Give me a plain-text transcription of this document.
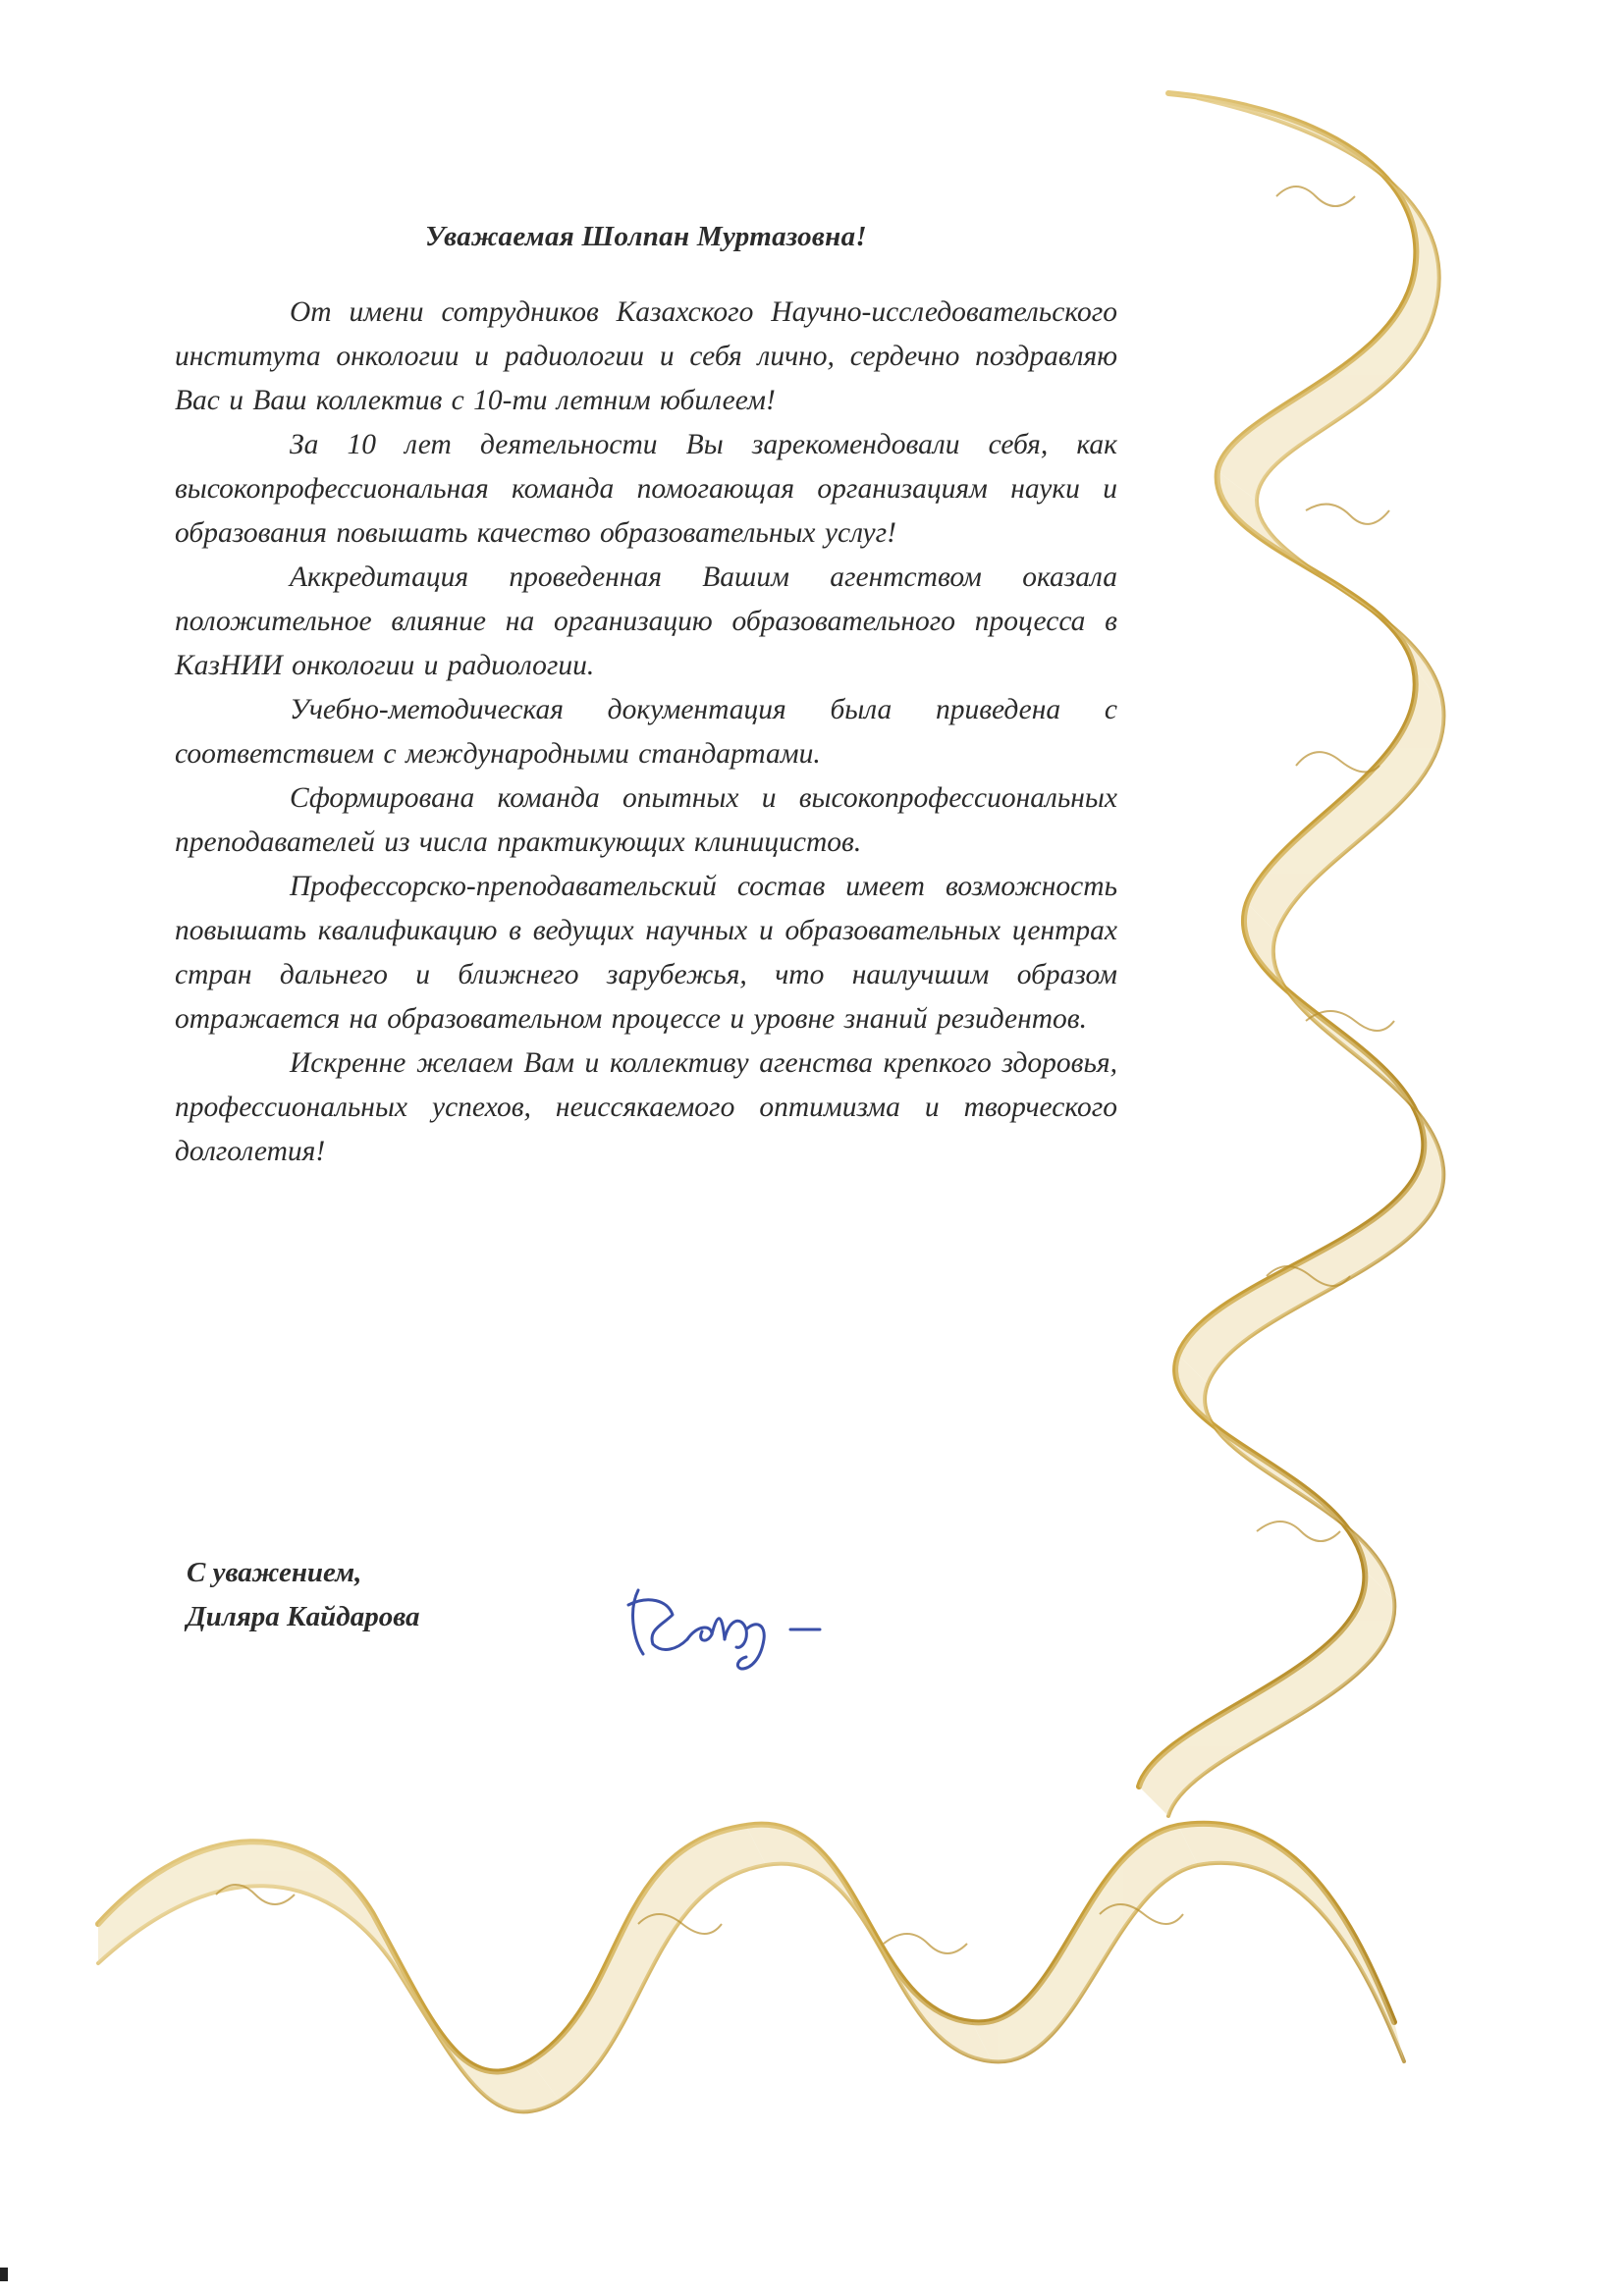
Уважаемая Шолпан Муртазовна!

От имени сотрудников Казахского Научно-исследовательского института онкологии и радиологии и себя лично, сердечно поздравляю Вас и Ваш коллектив с 10-ти летним юбилеем!

За 10 лет деятельности Вы зарекомендовали себя, как высокопрофессиональная команда помогающая организациям науки и образования повышать качество образовательных услуг!

Аккредитация проведенная Вашим агентством оказала положительное влияние на организацию образовательного процесса в КазНИИ онкологии и радиологии.

Учебно-методическая документация была приведена с соответствием с международными стандартами.

Сформирована команда опытных и высокопрофессиональных преподавателей из числа практикующих клиницистов.

Профессорско-преподавательский состав имеет возможность повышать квалификацию в ведущих научных и образовательных центрах стран дальнего и ближнего зарубежья, что наилучшим образом отражается на образовательном процессе и уровне знаний резидентов.

Искренне желаем Вам и коллективу агенства крепкого здоровья, профессиональных успехов, неиссякаемого оптимизма и творческого долголетия!

С уважением,
Диляра Кайдарова
